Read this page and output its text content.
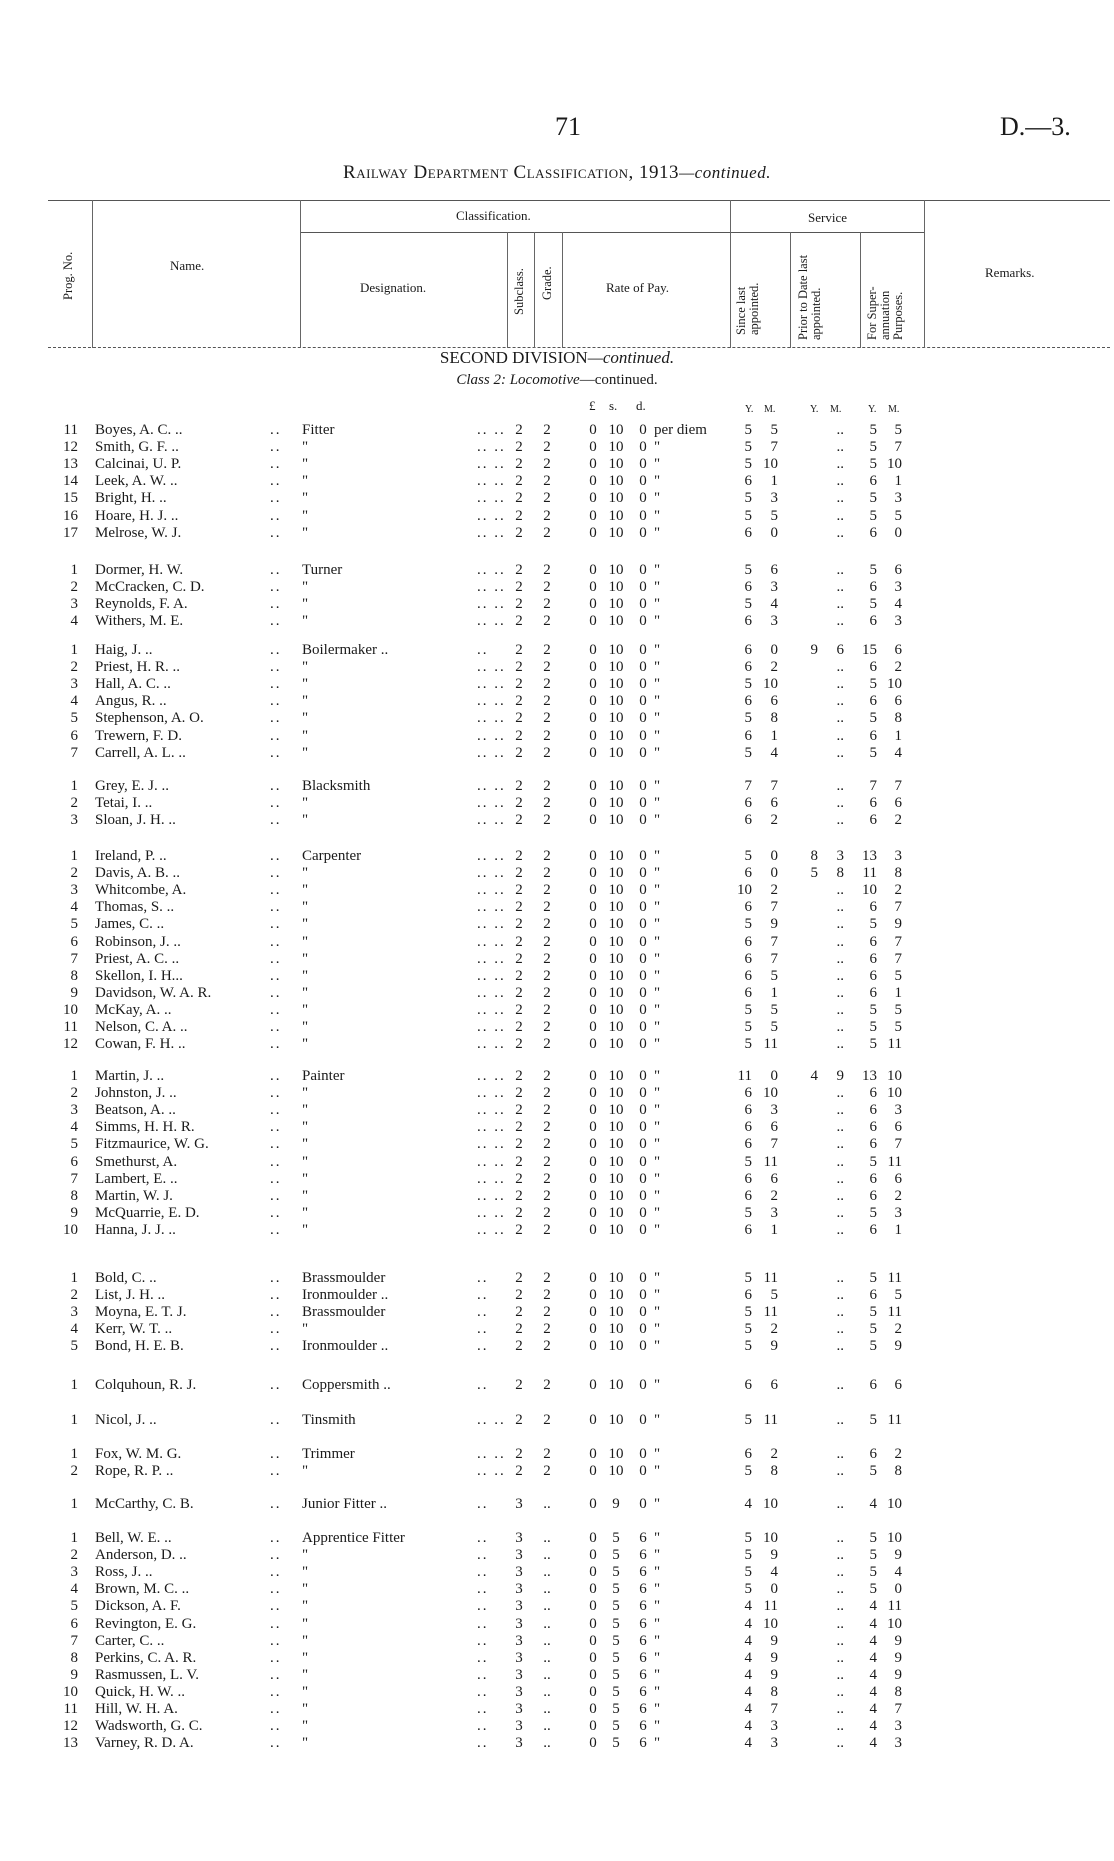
71	D.—3.
Railway Department Classification, 1913—continued.
Prog. No.	Name.
Classification.
Designation.	Subclass. Grade.	Rate of Pay.
Service
Since last appointed.	Prior to Date last appointed.	For Super-annuation Purposes.
Remarks.
SECOND DIVISION—continued.
Class 2: Locomotive—continued.
£ s. d.	Y. M.	Y. M.	Y. M.
11 Boyes, A. C. ..	.. Fitter	.. .. 2 2	0 10	0 per diem	5	5	..	5	5
12 Smith, G. F. ..	.. "	.. .. 2 2	0 10	0 "	5	7	..	5	7
13 Calcinai, U. P.	.. "	.. .. 2 2	0 10	0 "	5 10	..	5 10
14 Leek, A. W. ..	.. "	.. .. 2 2	0 10	0 "	6	1	..	6	1
15 Bright, H. ..	.. "	.. .. 2 2	0 10	0 "	5	3	..	5	3
16 Hoare, H. J. ..	.. "	.. .. 2 2	0 10	0 "	5	5	..	5	5
17 Melrose, W. J.	.. "	.. .. 2 2	0 10	0 "	6	0	..	6	0
1 Dormer, H. W.	.. Turner	.. .. 2 2	0 10	0 "	5	6	..	5	6
2 McCracken, C. D.	.. "	.. .. 2 2	0 10	0 "	6	3	..	6	3
3 Reynolds, F. A.	.. "	.. .. 2 2	0 10	0 "	5	4	..	5	4
4 Withers, M. E.	.. "	.. .. 2 2	0 10	0 "	6	3	..	6	3
1 Haig, J. ..	.. Boilermaker ..	.. 2 2	0 10	0 "	6	0	9	6	15	6
2 Priest, H. R. ..	.. "	.. .. 2 2	0 10	0 "	6	2	..	6	2
3 Hall, A. C. ..	.. "	.. .. 2 2	0 10	0 "	5 10	..	5 10
4 Angus, R. ..	.. "	.. .. 2 2	0 10	0 "	6	6	..	6	6
5 Stephenson, A. O.	.. "	.. .. 2 2	0 10	0 "	5	8	..	5	8
6 Trewern, F. D.	.. "	.. .. 2 2	0 10	0 "	6	1	..	6	1
7 Carrell, A. L. ..	.. "	.. .. 2 2	0 10	0 "	5	4	..	5	4
1 Grey, E. J. ..	.. Blacksmith	.. .. 2 2	0 10	0 "	7	7	..	7	7
2 Tetai, I. ..	.. "	.. .. 2 2	0 10	0 "	6	6	..	6	6
3 Sloan, J. H. ..	.. "	.. .. 2 2	0 10	0 "	6	2	..	6	2
1 Ireland, P. ..	.. Carpenter	.. .. 2 2	0 10	0 "	5	0	8	3	13	3
2 Davis, A. B. ..	.. "	.. .. 2 2	0 10	0 "	6	0	5	8	11	8
3 Whitcombe, A.	.. "	.. .. 2 2	0 10	0 "	10	2	..	10	2
4 Thomas, S. ..	.. "	.. .. 2 2	0 10	0 "	6	7	..	6	7
5 James, C. ..	.. "	.. .. 2 2	0 10	0 "	5	9	..	5	9
6 Robinson, J. ..	.. "	.. .. 2 2	0 10	0 "	6	7	..	6	7
7 Priest, A. C. ..	.. "	.. .. 2 2	0 10	0 "	6	7	..	6	7
8 Skellon, I. H...	.. "	.. .. 2 2	0 10	0 "	6	5	..	6	5
9 Davidson, W. A. R.	.. "	.. .. 2 2	0 10	0 "	6	1	..	6	1
10 McKay, A. ..	.. "	.. .. 2 2	0 10	0 "	5	5	..	5	5
11 Nelson, C. A. ..	.. "	.. .. 2 2	0 10	0 "	5	5	..	5	5
12 Cowan, F. H. ..	.. "	.. .. 2 2	0 10	0 "	5 11	..	5 11
1 Martin, J. ..	.. Painter	.. .. 2 2	0 10	0 "	11	0	4	9	13 10
2 Johnston, J. ..	.. "	.. .. 2 2	0 10	0 "	6 10	..	6 10
3 Beatson, A. ..	.. "	.. .. 2 2	0 10	0 "	6	3	..	6	3
4 Simms, H. H. R.	.. "	.. .. 2 2	0 10	0 "	6	6	..	6	6
5 Fitzmaurice, W. G.	.. "	.. .. 2 2	0 10	0 "	6	7	..	6	7
6 Smethurst, A.	.. "	.. .. 2 2	0 10	0 "	5 11	..	5 11
7 Lambert, E. ..	.. "	.. .. 2 2	0 10	0 "	6	6	..	6	6
8 Martin, W. J.	.. "	.. .. 2 2	0 10	0 "	6	2	..	6	2
9 McQuarrie, E. D.	.. "	.. .. 2 2	0 10	0 "	5	3	..	5	3
10 Hanna, J. J. ..	.. "	.. .. 2 2	0 10	0 "	6	1	..	6	1
1 Bold, C. ..	.. Brassmoulder	.. 2 2	0 10	0 "	5 11	..	5 11
2 List, J. H. ..	.. Ironmoulder ..	.. 2 2	0 10	0 "	6	5	..	6	5
3 Moyna, E. T. J.	.. Brassmoulder	.. 2 2	0 10	0 "	5 11	..	5 11
4 Kerr, W. T. ..	.. "	.. 2 2	0 10	0 "	5	2	..	5	2
5 Bond, H. E. B.	.. Ironmoulder ..	.. 2 2	0 10	0 "	5	9	..	5	9
1 Colquhoun, R. J.	.. Coppersmith ..	.. 2 2	0 10	0 "	6	6	..	6	6
1 Nicol, J. ..	.. Tinsmith	.. .. 2 2	0 10	0 "	5 11	..	5 11
1 Fox, W. M. G.	.. Trimmer	.. .. 2 2	0 10	0 "	6	2	..	6	2
2 Rope, R. P. ..	.. "	.. .. 2 2	0 10	0 "	5	8	..	5	8
1 McCarthy, C. B.	.. Junior Fitter ..	.. 3 ..	0	9	0 "	4 10	..	4 10
1 Bell, W. E. ..	.. Apprentice Fitter	.. 3 ..	0	5	6 "	5 10	..	5 10
2 Anderson, D. ..	.. "	.. 3 ..	0	5	6 "	5	9	..	5	9
3 Ross, J. ..	.. "	.. 3 ..	0	5	6 "	5	4	..	5	4
4 Brown, M. C. ..	.. "	.. 3 ..	0	5	6 "	5	0	..	5	0
5 Dickson, A. F.	.. "	.. 3 ..	0	5	6 "	4 11	..	4 11
6 Revington, E. G.	.. "	.. 3 ..	0	5	6 "	4 10	..	4 10
7 Carter, C. ..	.. "	.. 3 ..	0	5	6 "	4	9	..	4	9
8 Perkins, C. A. R.	.. "	.. 3 ..	0	5	6 "	4	9	..	4	9
9 Rasmussen, L. V.	.. "	.. 3 ..	0	5	6 "	4	9	..	4	9
10 Quick, H. W. ..	.. "	.. 3 ..	0	5	6 "	4	8	..	4	8
11 Hill, W. H. A.	.. "	.. 3 ..	0	5	6 "	4	7	..	4	7
12 Wadsworth, G. C.	.. "	.. 3 ..	0	5	6 "	4	3	..	4	3
13 Varney, R. D. A.	.. "	.. 3 ..	0	5	6 "	4	3	..	4	3
